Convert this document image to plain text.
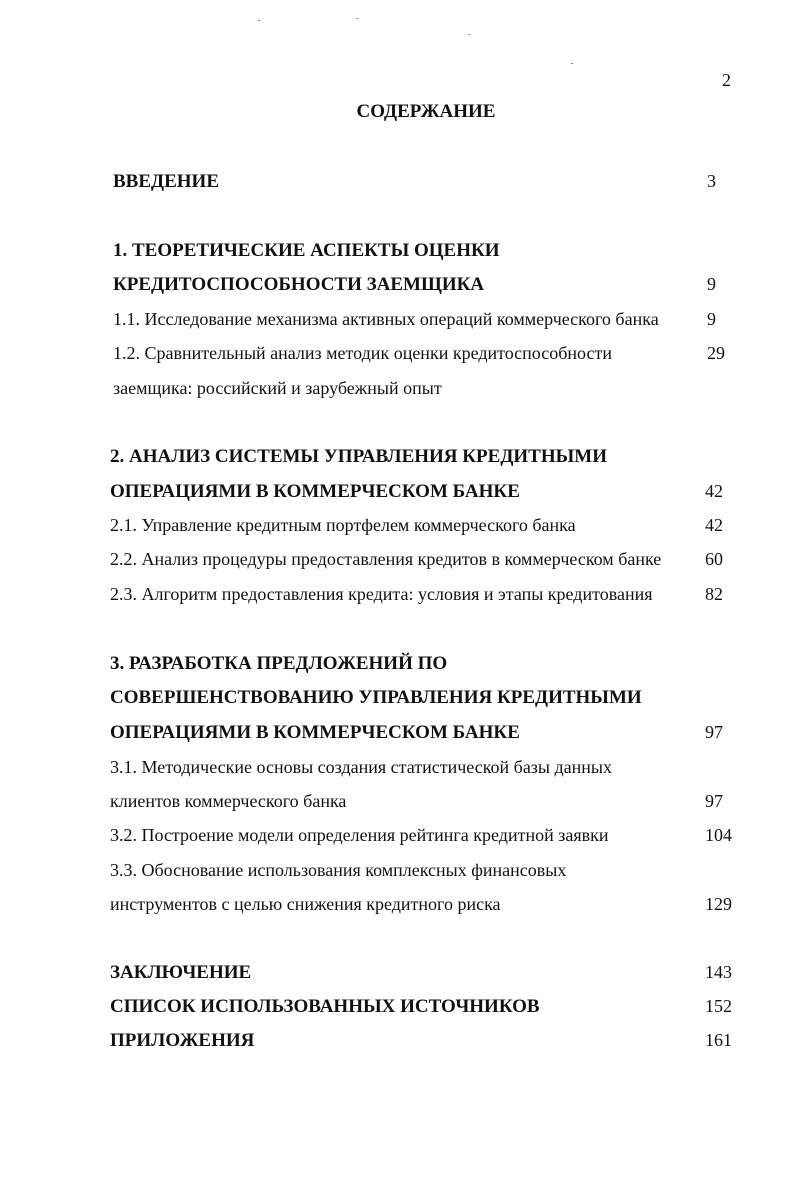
2
СОДЕРЖАНИЕ
ВВЕДЕНИЕ	3
1. ТЕОРЕТИЧЕСКИЕ АСПЕКТЫ ОЦЕНКИ
КРЕДИТОСПОСОБНОСТИ ЗАЕМЩИКА	9
1.1. Исследование механизма активных операций коммерческого банка	9
1.2. Сравнительный анализ методик оценки кредитоспособности	29
заемщика: российский и зарубежный опыт
2. АНАЛИЗ СИСТЕМЫ УПРАВЛЕНИЯ КРЕДИТНЫМИ
ОПЕРАЦИЯМИ В КОММЕРЧЕСКОМ БАНКЕ	42
2.1. Управление кредитным портфелем коммерческого банка	42
2.2. Анализ процедуры предоставления кредитов в коммерческом банке 60
2.3. Алгоритм предоставления кредита: условия и этапы кредитования	82
3. РАЗРАБОТКА ПРЕДЛОЖЕНИЙ ПО
СОВЕРШЕНСТВОВАНИЮ УПРАВЛЕНИЯ КРЕДИТНЫМИ
ОПЕРАЦИЯМИ В КОММЕРЧЕСКОМ БАНКЕ	97
3.1. Методические основы создания статистической базы данных
клиентов коммерческого банка	97
3.2. Построение модели определения рейтинга кредитной заявки	104
3.3. Обоснование использования комплексных финансовых
инструментов с целью снижения кредитного риска	129
ЗАКЛЮЧЕНИЕ	143
СПИСОК ИСПОЛЬЗОВАННЫХ ИСТОЧНИКОВ	152
ПРИЛОЖЕНИЯ	161
